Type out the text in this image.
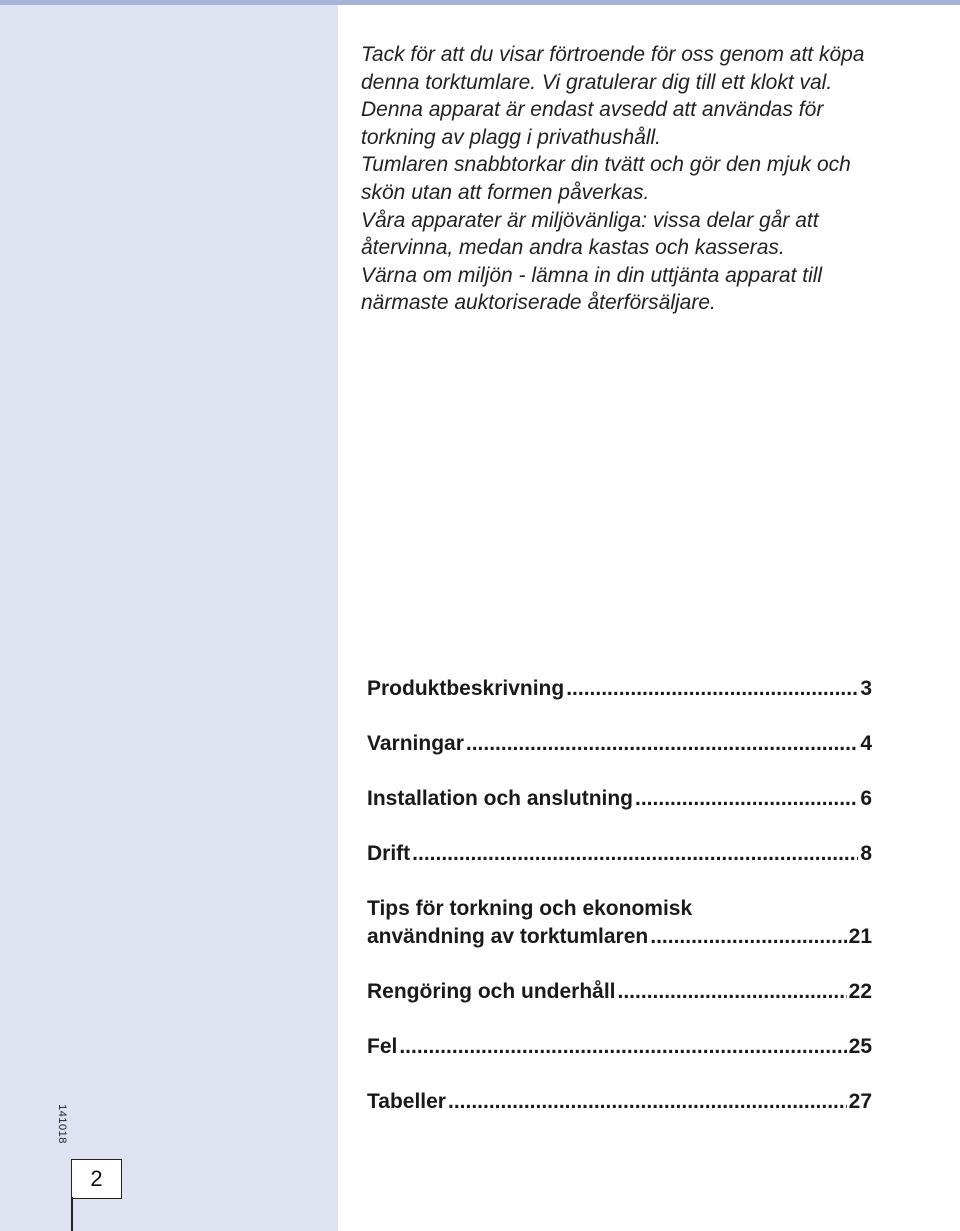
141018
2

Tack för att du visar förtroende för oss genom att köpa denna torktumlare. Vi gratulerar dig till ett klokt val.

Denna apparat är endast avsedd att användas för torkning av plagg i privathushåll.

Tumlaren snabbtorkar din tvätt och gör den mjuk och skön utan att formen påverkas.

Våra apparater är miljövänliga: vissa delar går att återvinna, medan andra kastas och kasseras.

Värna om miljön - lämna in din uttjänta apparat till närmaste auktoriserade återförsäljare.

Produktbeskrivning .....	3
Varningar .....	4
Installation och anslutning .....	6
Drift .....	8
Tips för torkning och ekonomisk
användning av torktumlaren .....	21
Rengöring och underhåll .....	22
Fel .....	25
Tabeller .....	27
